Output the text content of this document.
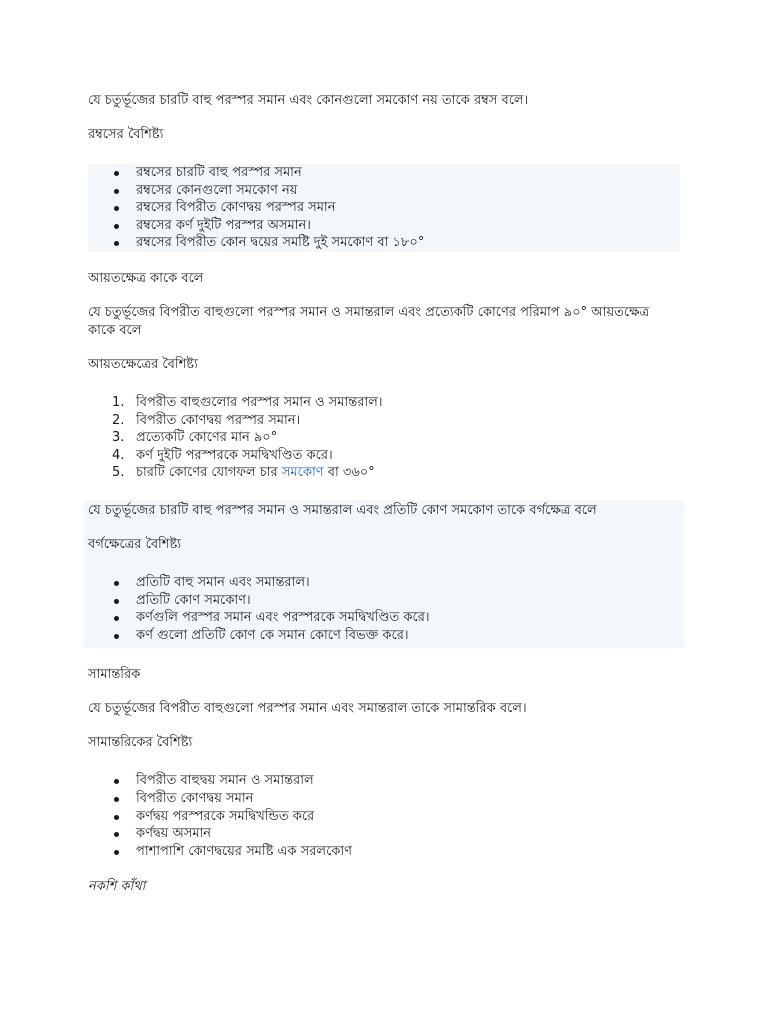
যে চতুর্ভূজের চারটি বাহু পরস্পর সমান এবং কোনগুলো সমকোণ নয় তাকে রম্বস বলে।

রম্বসের বৈশিষ্ট্য

রম্বসের চারটি বাহু পরস্পর সমান
রম্বসের কোনগুলো সমকোণ নয়
রম্বসের বিপরীত কোণদ্বয় পরস্পর সমান
রম্বসের কর্ণ দুইটি পরস্পর অসমান।
রম্বসের বিপরীত কোন দ্বয়ের সমষ্টি দুই সমকোণ বা ১৮০°

আয়তক্ষেত্র কাকে বলে

যে চতুর্ভূজের বিপরীত বাহুগুলো পরস্পর সমান ও সমান্তরাল এবং প্রত্যেকটি কোণের পরিমাপ ৯০° আয়তক্ষেত্র কাকে বলে

আয়তক্ষেত্রের বৈশিষ্ট্য

1. বিপরীত বাহুগুলোর পরস্পর সমান ও সমান্তরাল।
2. বিপরীত কোণদ্বয় পরস্পর সমান।
3. প্রত্যেকটি কোণের মান ৯০°
4. কর্ণ দুইটি পরস্পরকে সমদ্বিখণ্ডিত করে।
5. চারটি কোণের যোগফল চার সমকোণ বা ৩৬০°

যে চতুর্ভূজের চারটি বাহু পরস্পর সমান ও সমান্তরাল এবং প্রতিটি কোণ সমকোণ তাকে বর্গক্ষেত্র বলে

বর্গক্ষেত্রের বৈশিষ্ট্য

প্রতিটি বাহু সমান এবং সমান্তরাল।
প্রতিটি কোণ সমকোণ।
কর্ণগুলি পরস্পর সমান এবং পরস্পরকে সমদ্বিখণ্ডিত করে।
কর্ণ গুলো প্রতিটি কোণ কে সমান কোণে বিভক্ত করে।

সামান্তরিক

যে চতুর্ভূজের বিপরীত বাহুগুলো পরস্পর সমান এবং সমান্তরাল তাকে সামান্তরিক বলে।

সামান্তরিকের বৈশিষ্ট্য

বিপরীত বাহুদ্বয় সমান ও সমান্তরাল
বিপরীত কোণদ্বয় সমান
কর্ণদ্বয় পরস্পরকে সমদ্বিখন্ডিত করে
কর্ণদ্বয় অসমান
পাশাপাশি কোণদ্বয়ের সমষ্টি এক সরলকোণ

নকশি কাঁথা
